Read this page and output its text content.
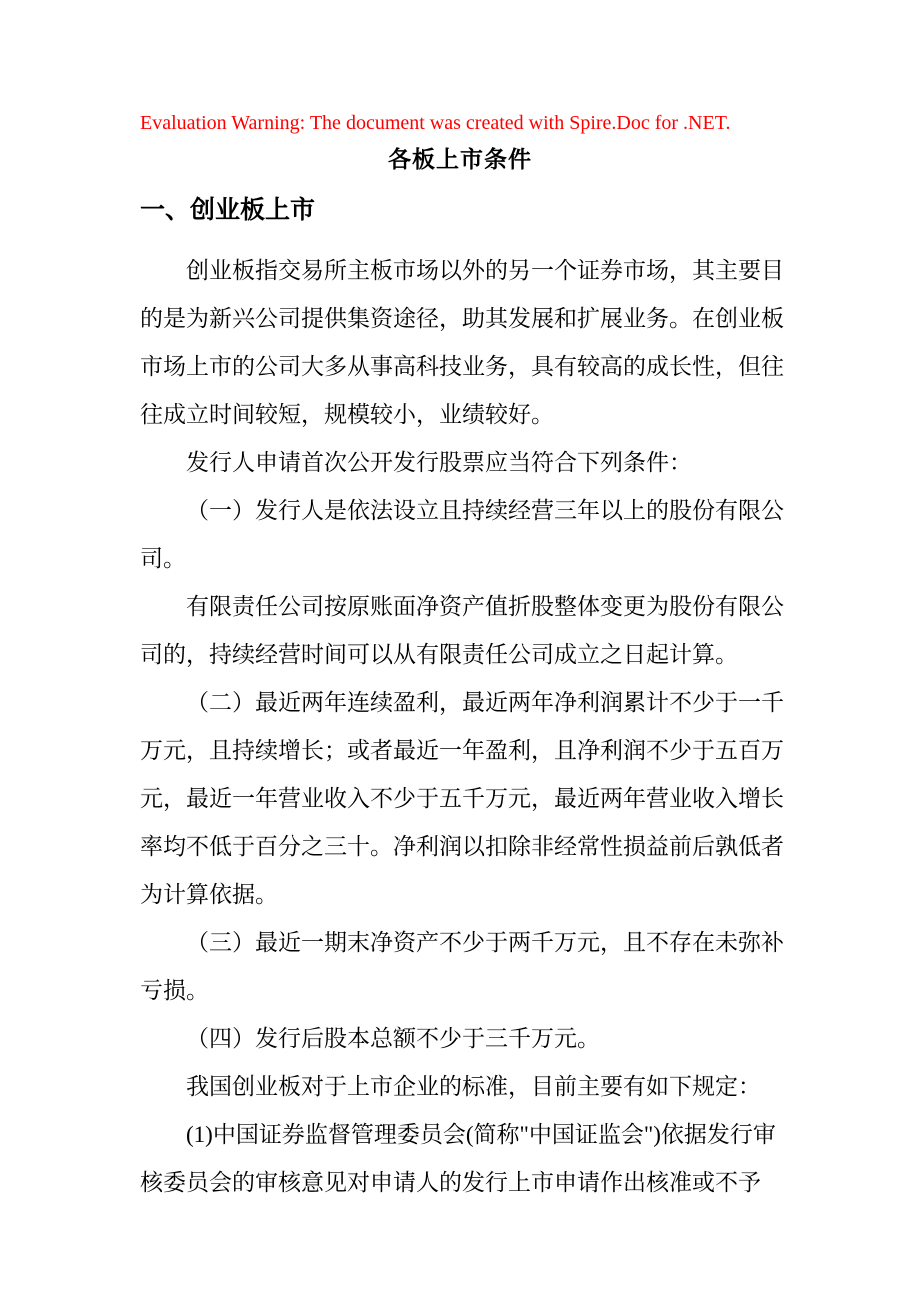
Evaluation Warning: The document was created with Spire.Doc for .NET.
各板上市条件
一、创业板上市
创业板指交易所主板市场以外的另一个证券市场，其主要目
的是为新兴公司提供集资途径，助其发展和扩展业务。在创业板
市场上市的公司大多从事高科技业务，具有较高的成长性，但往
往成立时间较短，规模较小，业绩较好。
发行人申请首次公开发行股票应当符合下列条件：
（一）发行人是依法设立且持续经营三年以上的股份有限公
司。
有限责任公司按原账面净资产值折股整体变更为股份有限公
司的，持续经营时间可以从有限责任公司成立之日起计算。
（二）最近两年连续盈利，最近两年净利润累计不少于一千
万元，且持续增长；或者最近一年盈利，且净利润不少于五百万
元，最近一年营业收入不少于五千万元，最近两年营业收入增长
率均不低于百分之三十。净利润以扣除非经常性损益前后孰低者
为计算依据。
（三）最近一期末净资产不少于两千万元，且不存在未弥补
亏损。
（四）发行后股本总额不少于三千万元。
我国创业板对于上市企业的标准，目前主要有如下规定：
(1)中国证券监督管理委员会(简称"中国证监会")依据发行审
核委员会的审核意见对申请人的发行上市申请作出核准或不予
